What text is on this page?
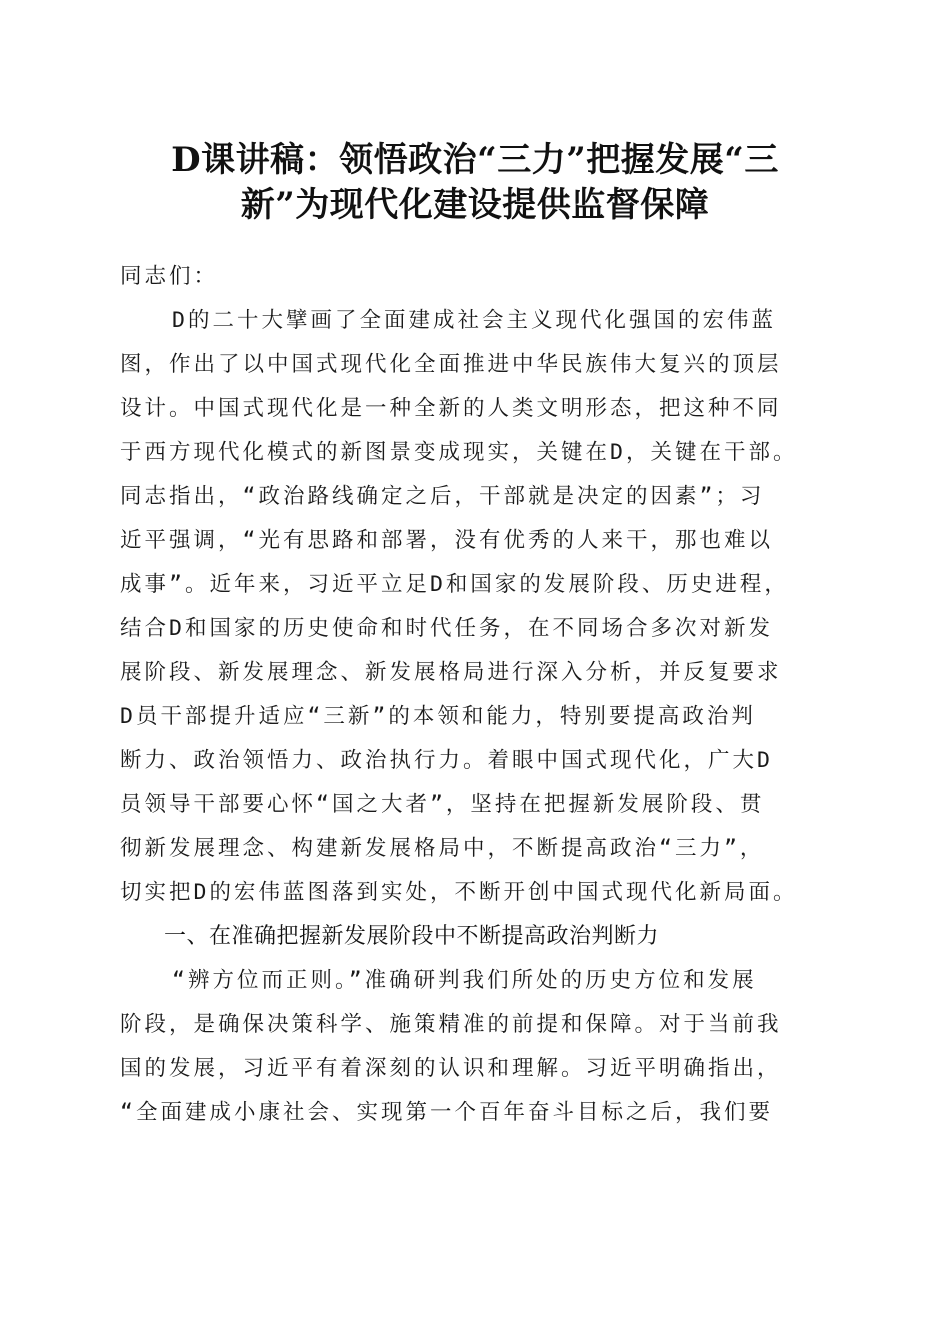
D课讲稿：领悟政治“三力”把握发展“三
新”为现代化建设提供监督保障
同志们：
D的二十大擘画了全面建成社会主义现代化强国的宏伟蓝
图，作出了以中国式现代化全面推进中华民族伟大复兴的顶层
设计。中国式现代化是一种全新的人类文明形态，把这种不同
于西方现代化模式的新图景变成现实，关键在D，关键在干部。
同志指出，“政治路线确定之后，干部就是决定的因素”；习
近平强调，“光有思路和部署，没有优秀的人来干，那也难以
成事”。近年来，习近平立足D和国家的发展阶段、历史进程，
结合D和国家的历史使命和时代任务，在不同场合多次对新发
展阶段、新发展理念、新发展格局进行深入分析，并反复要求
D员干部提升适应“三新”的本领和能力，特别要提高政治判
断力、政治领悟力、政治执行力。着眼中国式现代化，广大D
员领导干部要心怀“国之大者”，坚持在把握新发展阶段、贯
彻新发展理念、构建新发展格局中，不断提高政治“三力”，
切实把D的宏伟蓝图落到实处，不断开创中国式现代化新局面。
一、在准确把握新发展阶段中不断提高政治判断力
“辨方位而正则。”准确研判我们所处的历史方位和发展
阶段，是确保决策科学、施策精准的前提和保障。对于当前我
国的发展，习近平有着深刻的认识和理解。习近平明确指出，
“全面建成小康社会、实现第一个百年奋斗目标之后，我们要
